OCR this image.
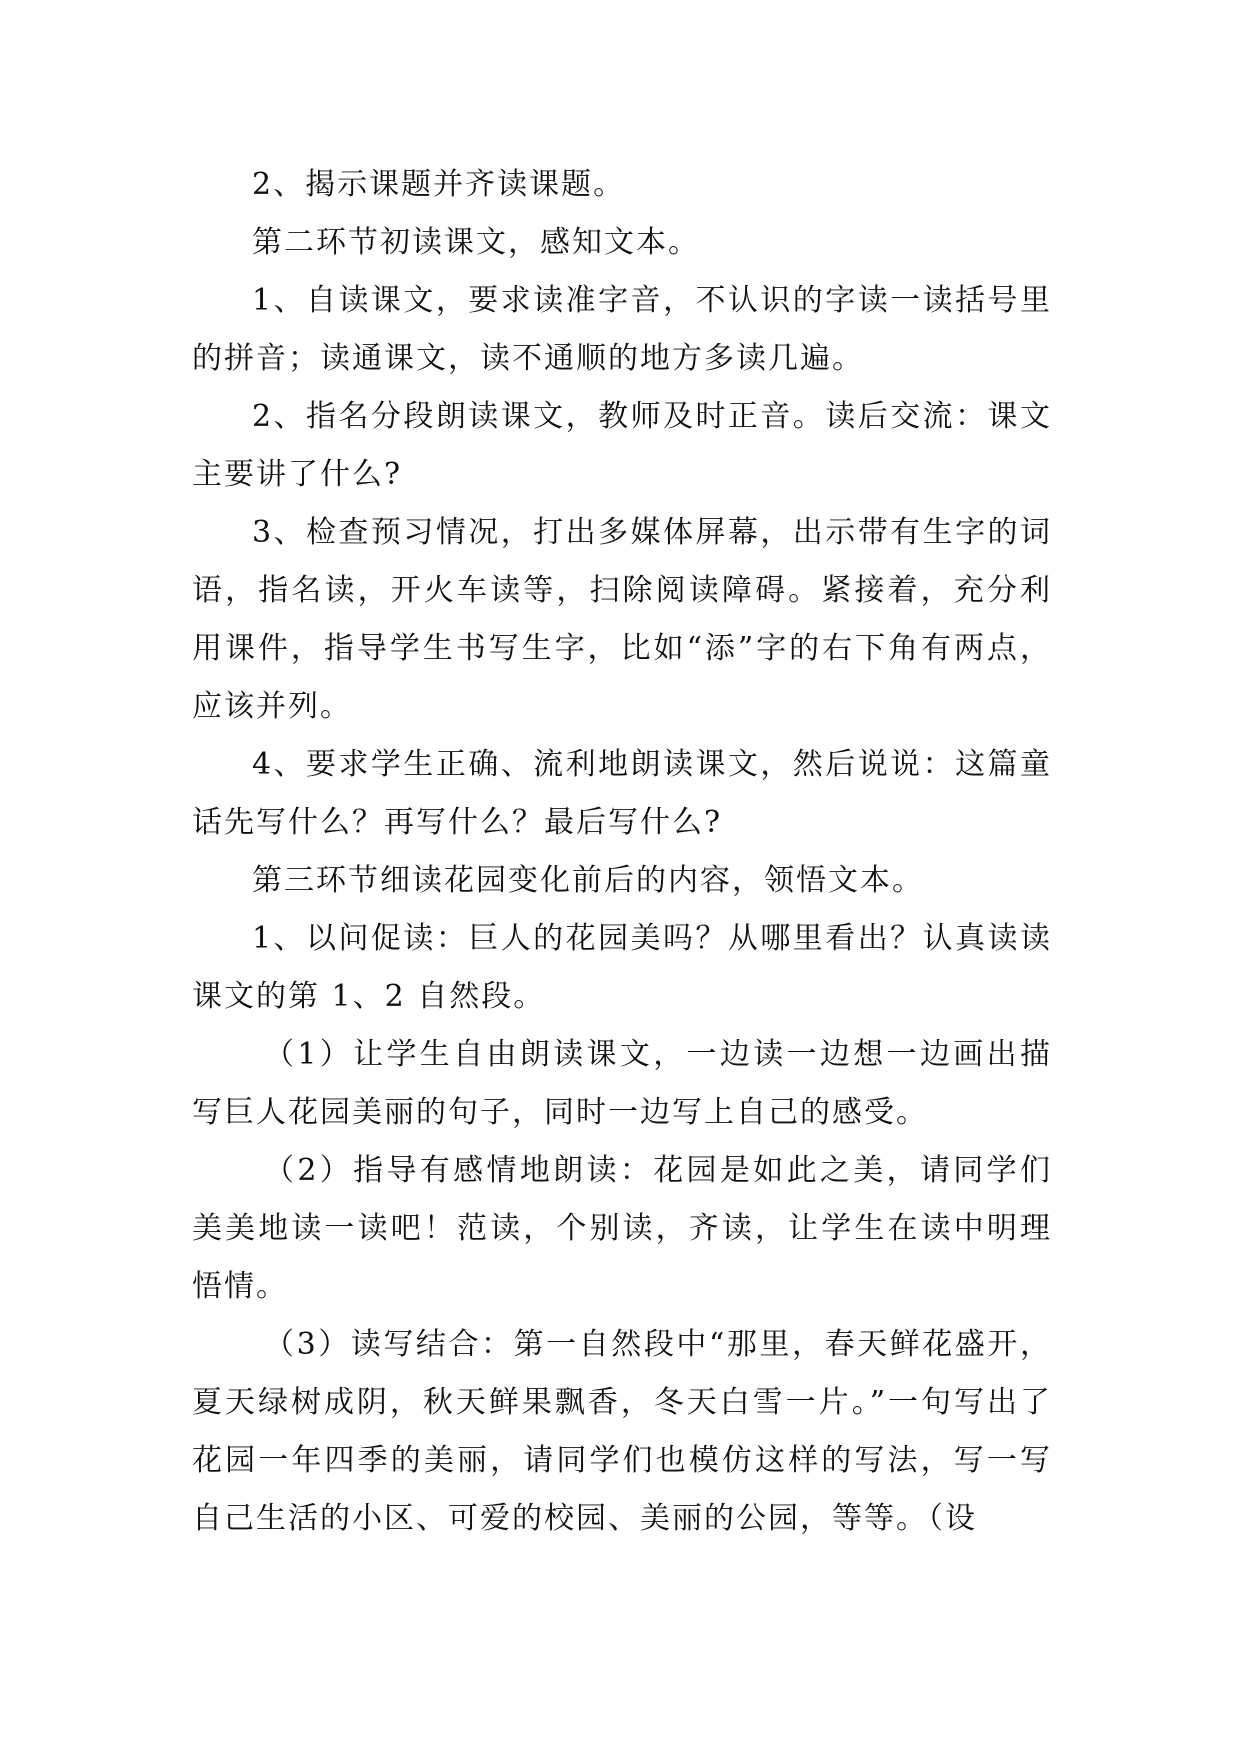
2、揭示课题并齐读课题。

第二环节初读课文，感知文本。

1、自读课文，要求读准字音，不认识的字读一读括号里的拼音；读通课文，读不通顺的地方多读几遍。

2、指名分段朗读课文，教师及时正音。读后交流：课文主要讲了什么?

3、检查预习情况，打出多媒体屏幕，出示带有生字的词语，指名读，开火车读等，扫除阅读障碍。紧接着，充分利用课件，指导学生书写生字，比如“添”字的右下角有两点，应该并列。

4、要求学生正确、流利地朗读课文，然后说说：这篇童话先写什么？再写什么？最后写什么?

第三环节细读花园变化前后的内容，领悟文本。

1、以问促读：巨人的花园美吗？从哪里看出？认真读读课文的第 1、2 自然段。

（1）让学生自由朗读课文，一边读一边想一边画出描写巨人花园美丽的句子，同时一边写上自己的感受。

（2）指导有感情地朗读：花园是如此之美，请同学们美美地读一读吧！范读，个别读，齐读，让学生在读中明理悟情。

（3）读写结合：第一自然段中“那里，春天鲜花盛开，夏天绿树成阴，秋天鲜果飘香，冬天白雪一片。”一句写出了花园一年四季的美丽，请同学们也模仿这样的写法，写一写自己生活的小区、可爱的校园、美丽的公园，等等。（设
